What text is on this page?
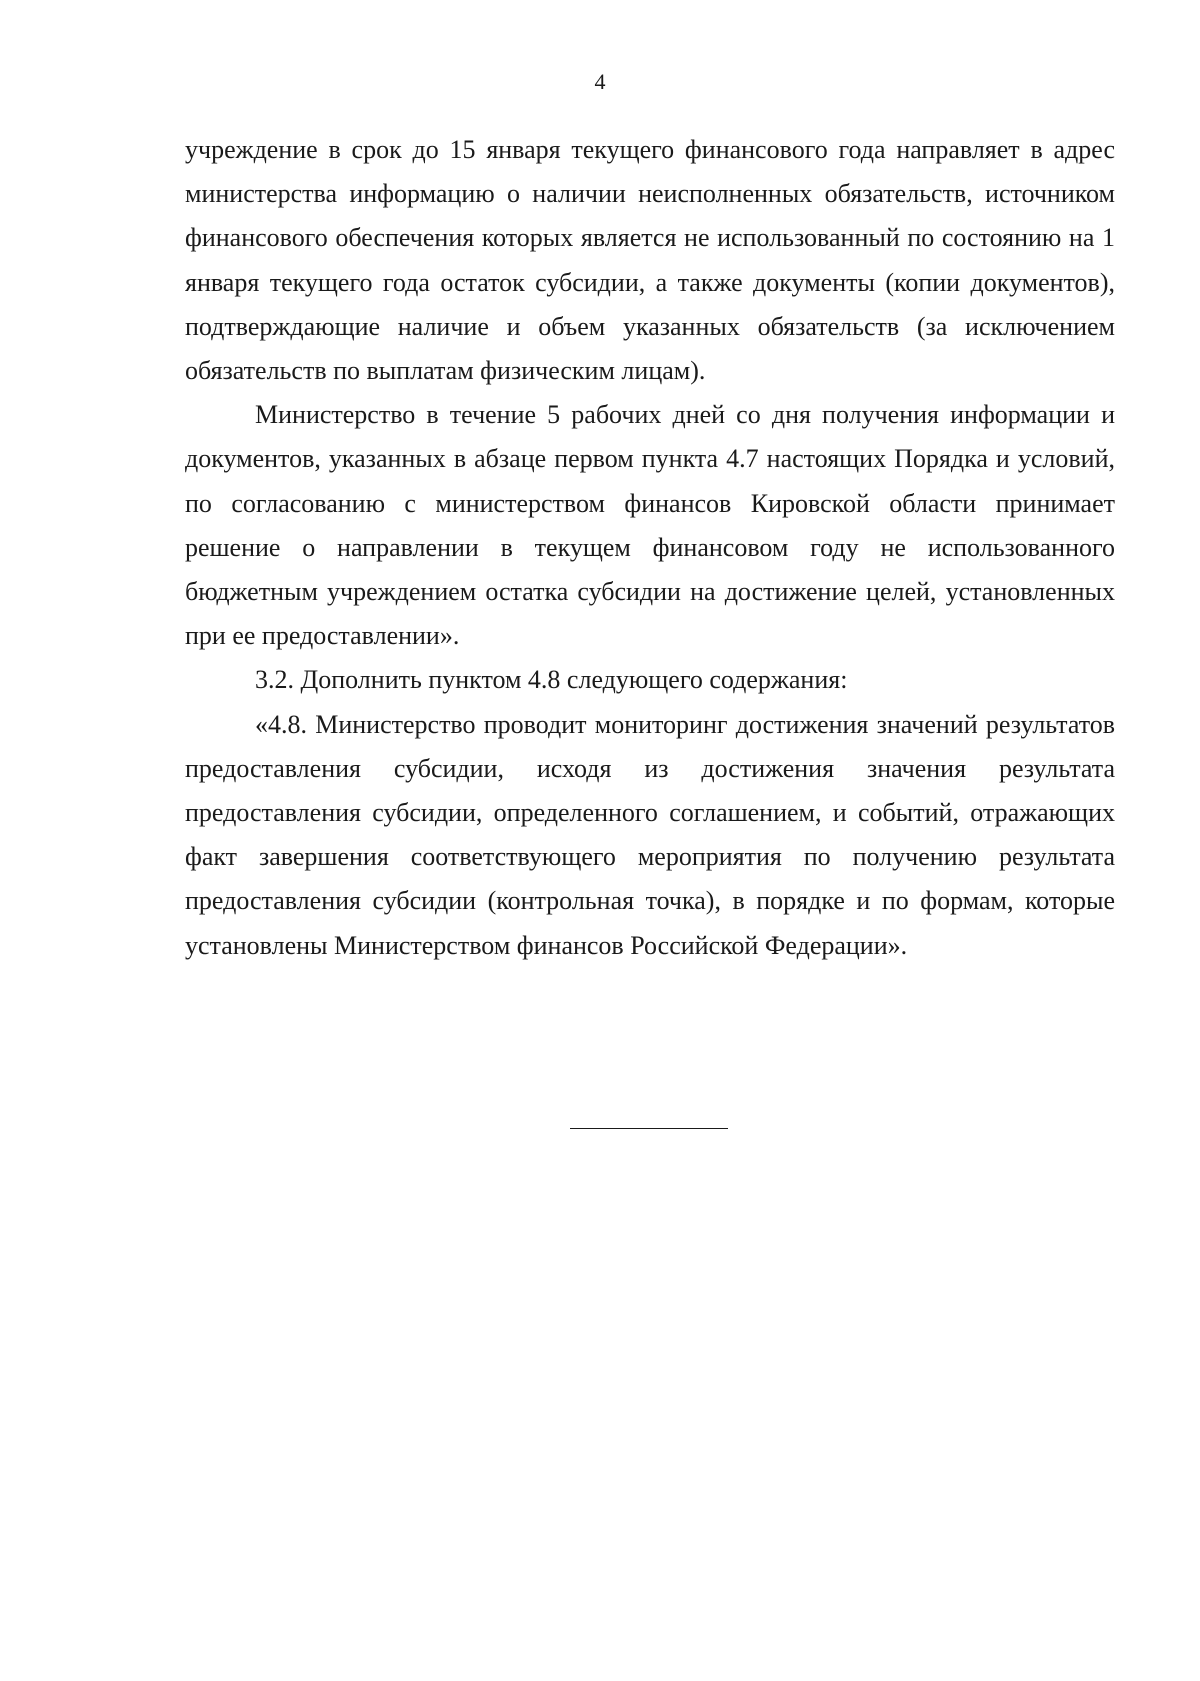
4

учреждение в срок до 15 января текущего финансового года направляет в адрес министерства информацию о наличии неисполненных обязательств, источником финансового обеспечения которых является не использованный по состоянию на 1 января текущего года остаток субсидии, а также документы (копии документов), подтверждающие наличие и объем указанных обязательств (за исключением обязательств по выплатам физическим лицам).

Министерство в течение 5 рабочих дней со дня получения информации и документов, указанных в абзаце первом пункта 4.7 настоящих Порядка и условий, по согласованию с министерством финансов Кировской области принимает решение о направлении в текущем финансовом году не использованного бюджетным учреждением остатка субсидии на достижение целей, установленных при ее предоставлении».

3.2. Дополнить пунктом 4.8 следующего содержания:

«4.8. Министерство проводит мониторинг достижения значений результатов предоставления субсидии, исходя из достижения значения результата предоставления субсидии, определенного соглашением, и событий, отражающих факт завершения соответствующего мероприятия по получению результата предоставления субсидии (контрольная точка), в порядке и по формам, которые установлены Министерством финансов Российской Федерации».
